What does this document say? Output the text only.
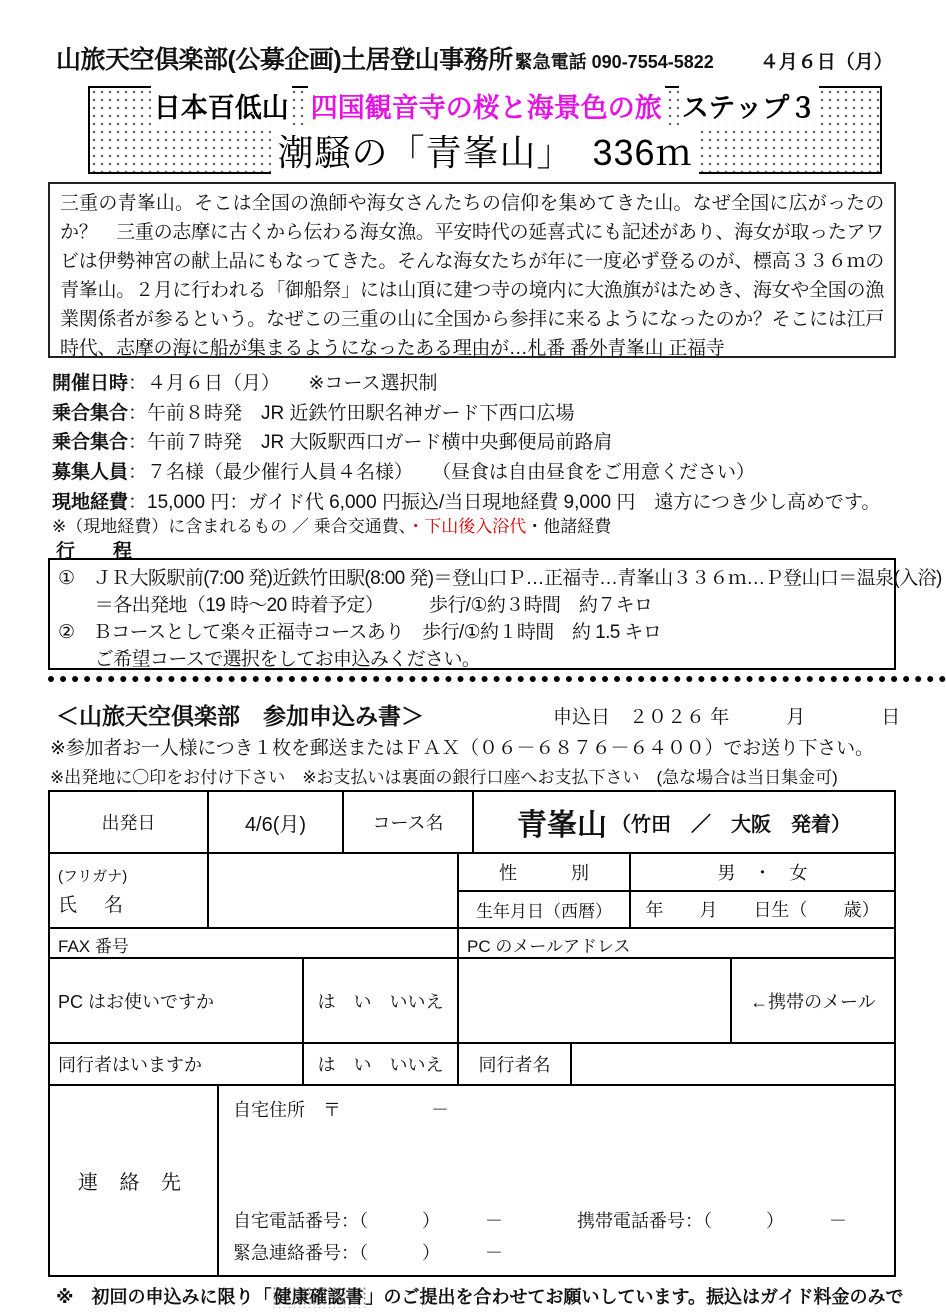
山旅天空倶楽部(公募企画)土居登山事務所 緊急電話 090-7554-5822 ４月６日（月）
日本百低山 四国観音寺の桜と海景色の旅 ステップ３
潮騒の「青峯山」　336ｍ
三重の青峯山。そこは全国の漁師や海女さんたちの信仰を集めてきた山。なぜ全国に広がったのか？　三重の志摩に古くから伝わる海女漁。平安時代の延喜式にも記述があり、海女が取ったアワビは伊勢神宮の献上品にもなってきた。そんな海女たちが年に一度必ず登るのが、標高３３６ｍの青峯山。２月に行われる「御船祭」には山頂に建つ寺の境内に大漁旗がはためき、海女や全国の漁業関係者が参るという。なぜこの三重の山に全国から参拝に来るようになったのか？そこには江戸時代、志摩の海に船が集まるようになったある理由が…札番 番外青峯山 正福寺
開催日時：４月６日（月）　　※コース選択制
乗合集合：午前８時発　JR 近鉄竹田駅名神ガード下西口広場
乗合集合：午前７時発　JR 大阪駅西口ガード横中央郵便局前路肩
募集人員：７名様（最少催行人員４名様）　　（昼食は自由昼食をご用意ください）
現地経費：15,000 円：ガイド代 6,000 円振込/当日現地経費 9,000 円　遠方につき少し高めです。
※（現地経費）に含まれるもの ／ 乗合交通費、・下山後入浴代・他諸経費
行　　程
①　ＪＲ大阪駅前(7:00 発)近鉄竹田駅(8:00 発)＝登山口Ｐ…正福寺…青峯山３３６ｍ…Ｐ登山口＝温泉(入浴)
　　＝各出発地（19 時～20 時着予定）　　　歩行/①約３時間　約７キロ
②　Ｂコースとして楽々正福寺コースあり　歩行/①約１時間　約 1.5 キロ
　　ご希望コースで選択をしてお申込みください。
＜山旅天空倶楽部　参加申込み書＞	申込日　２０２６ 年　　　月　　　　日
※参加者お一人様につき１枚を郵送またはＦＡＸ（０６－６８７６－６４００）でお送り下さい。
※出発地に〇印をお付け下さい　※お支払いは裏面の銀行口座へお支払下さい　(急な場合は当日集金可)
出発日	4/6(月)	コース名	青峯山 （竹田　／　大阪　発着）
(フリガナ)
氏　名
性　　　別	男　・　女
生年月日（西暦）	年　　月　　日生（　　歳）
FAX 番号	PC のメールアドレス
PC はお使いですか	は　い　いいえ	←携帯のメール
同行者はいますか	は　い　いいえ	同行者名
連 絡 先
自宅住所　〒　　　　　－
自宅電話番号：（　　　）　　　－	携帯電話番号：（　　　）　　　－
緊急連絡番号：（　　　）　　　－
※　初回の申込みに限り「 健康確認書 」のご提出を合わせてお願いしています。振込はガイド料金のみで
